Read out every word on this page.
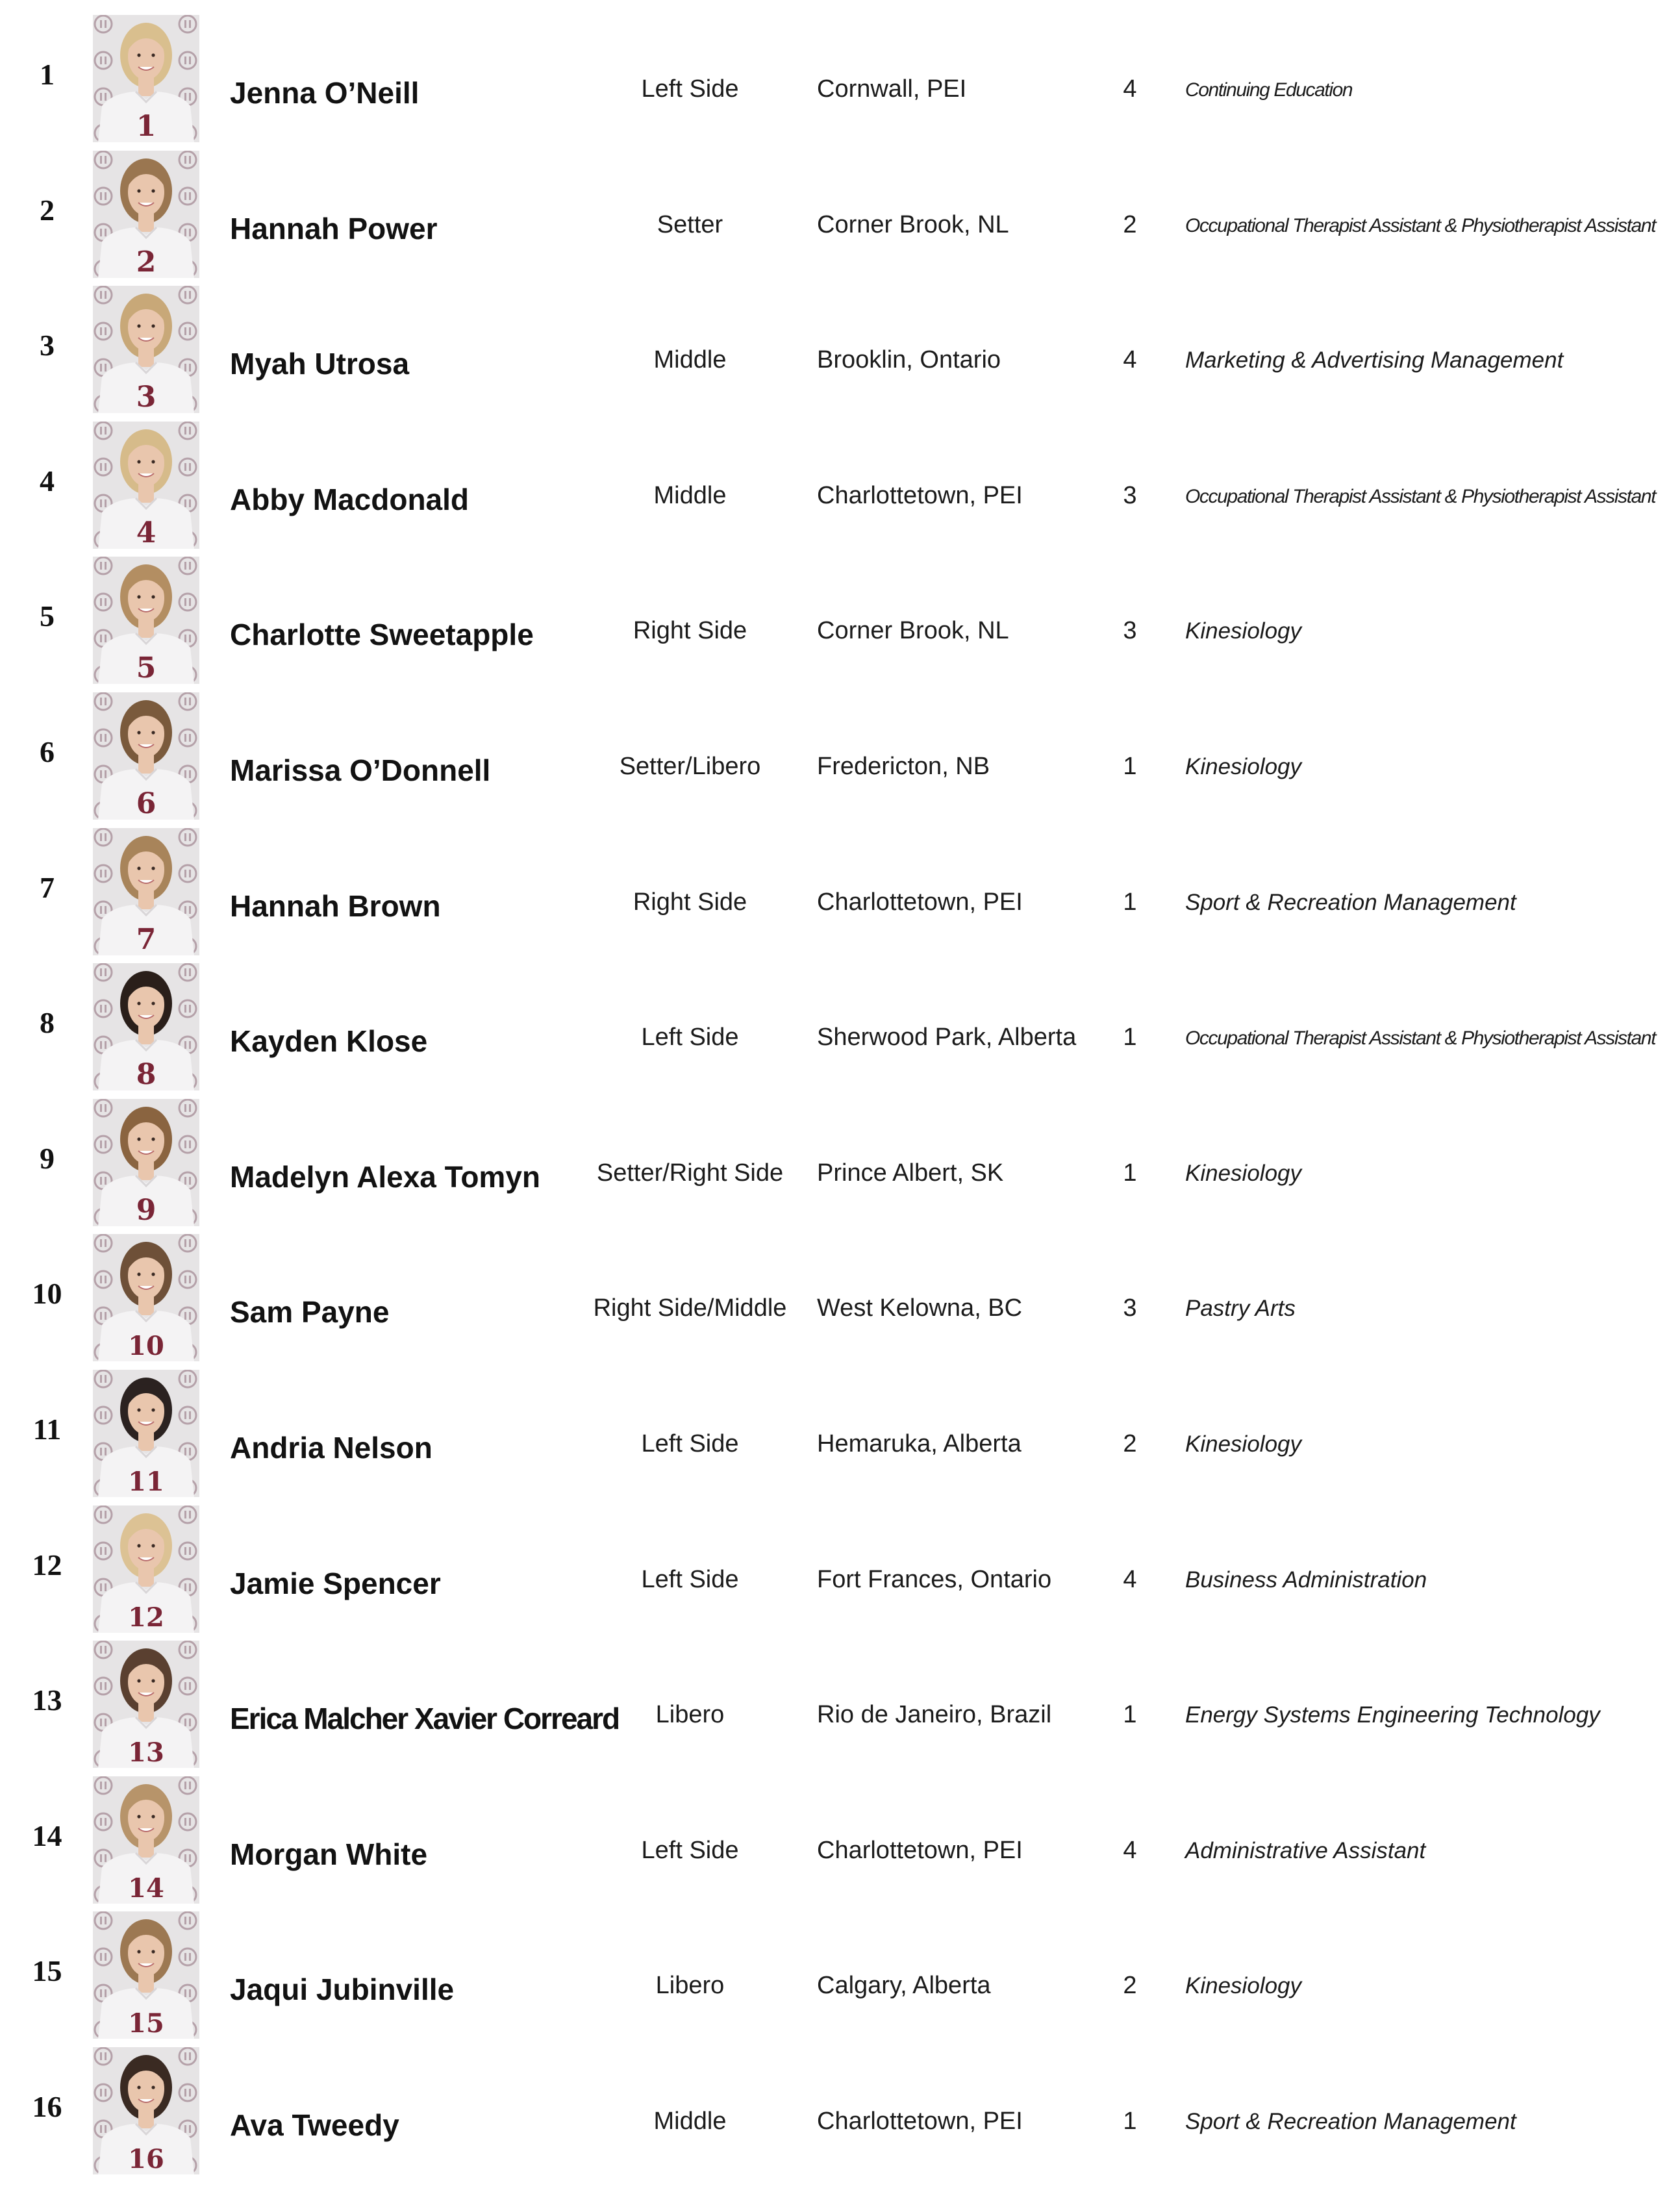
1
1
Jenna O’Neill	Left Side	Cornwall, PEI	4	Continuing Education
2
2
Hannah Power	Setter	Corner Brook, NL	2	Occupational Therapist Assistant & Physiotherapist Assistant
3
3
Myah Utrosa	Middle	Brooklin, Ontario	4	Marketing & Advertising Management
4
4
Abby Macdonald	Middle	Charlottetown, PEI	3	Occupational Therapist Assistant & Physiotherapist Assistant
5
5
Charlotte Sweetapple	Right Side	Corner Brook, NL	3	Kinesiology
6
6
Marissa O’Donnell	Setter/Libero	Fredericton, NB	1	Kinesiology
7
7
Hannah Brown	Right Side	Charlottetown, PEI	1	Sport & Recreation Management
8
8
Kayden Klose	Left Side	Sherwood Park, Alberta	1	Occupational Therapist Assistant & Physiotherapist Assistant
9
9
Madelyn Alexa Tomyn	Setter/Right Side	Prince Albert, SK	1	Kinesiology
10
10
Sam Payne	Right Side/Middle	West Kelowna, BC	3	Pastry Arts
11
11
Andria Nelson	Left Side	Hemaruka, Alberta	2	Kinesiology
12
12
Jamie Spencer	Left Side	Fort Frances, Ontario	4	Business Administration
13
13
Erica Malcher Xavier Correard	Libero	Rio de Janeiro, Brazil	1	Energy Systems Engineering Technology
14
14
Morgan White	Left Side	Charlottetown, PEI	4	Administrative Assistant
15
15
Jaqui Jubinville	Libero	Calgary, Alberta	2	Kinesiology
16
16
Ava Tweedy	Middle	Charlottetown, PEI	1	Sport & Recreation Management
